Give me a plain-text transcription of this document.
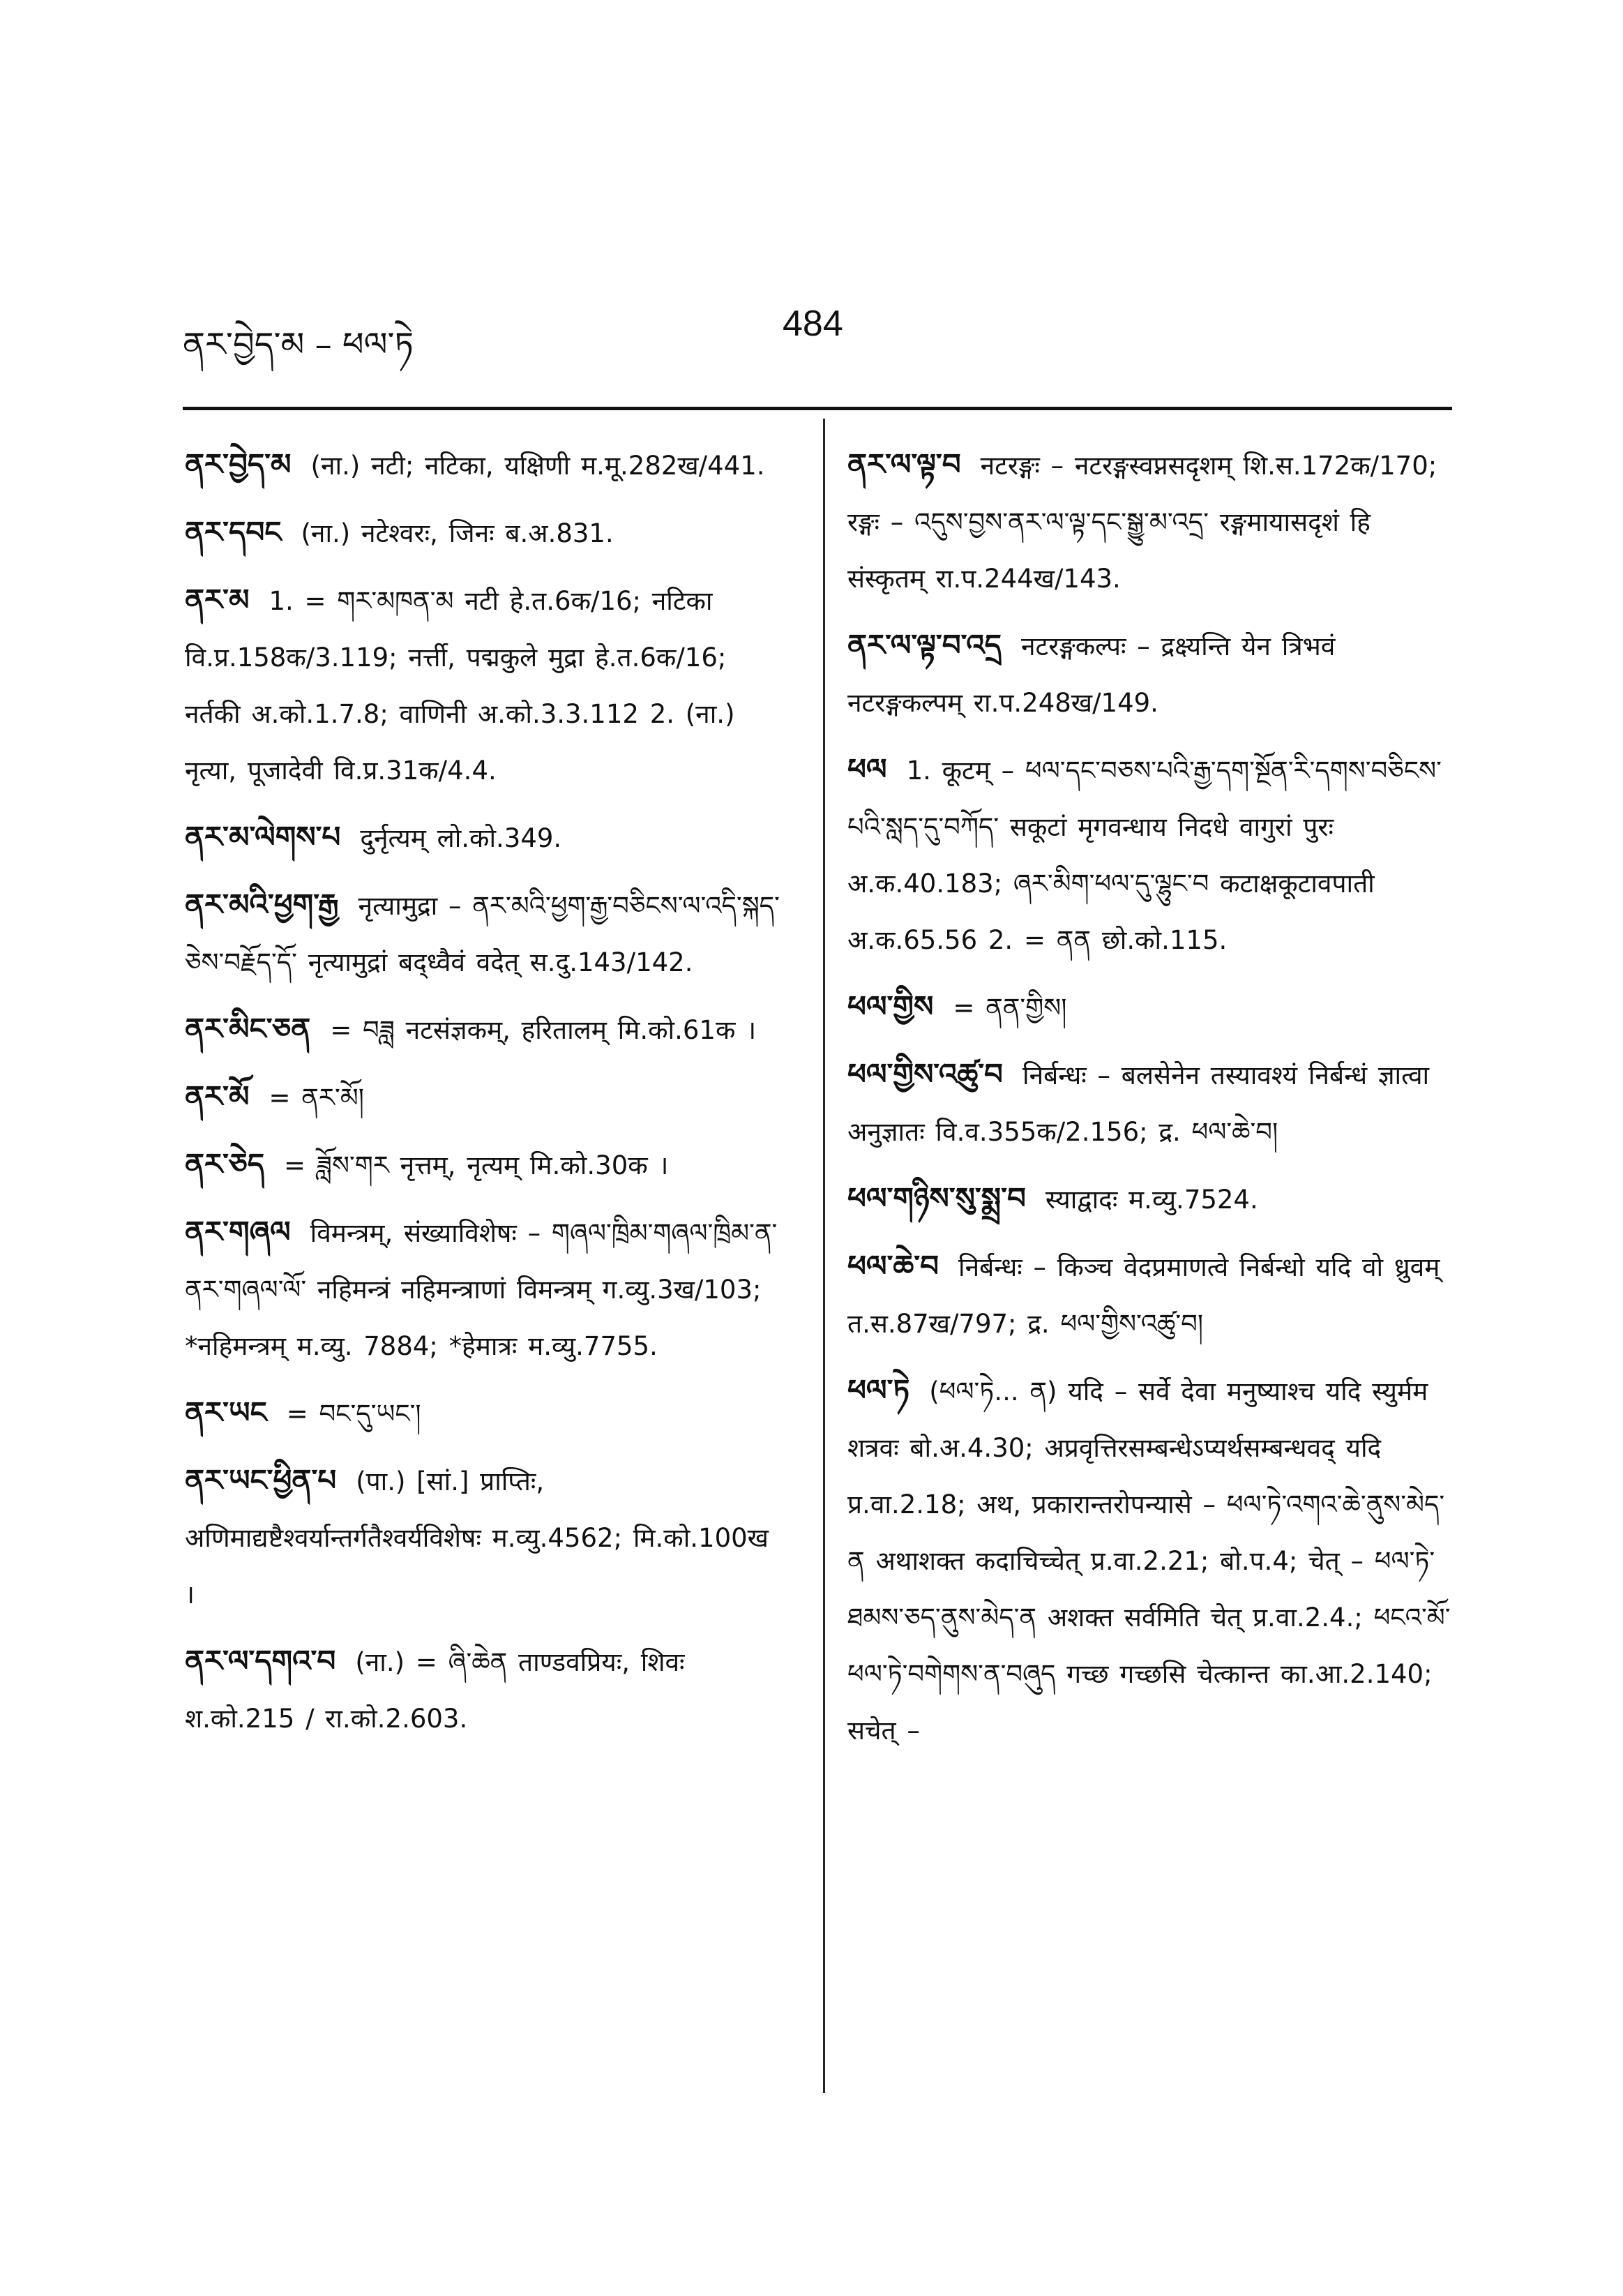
ནར་བྱེད་མ – ཕལ་ཏེ
484
ནར་བྱེད་མ (ना.) नटी; नटिका, यक्षिणी म.मू.282ख/441.
ནར་དབང (ना.) नटेश्वरः, जिनः ब.अ.831.
ནར་མ 1. = གར་མཁན་མ नटी हे.त.6क/16; नटिका वि.प्र.158क/3.119; नर्त्ती, पद्मकुले मुद्रा हे.त.6क/16; नर्तकी अ.को.1.7.8; वाणिनी अ.को.3.3.112 2. (ना.) नृत्या, पूजादेवी वि.प्र.31क/4.4.
ནར་མ་ལེགས་པ दुर्नृत्यम् लो.को.349.
ནར་མའི་ཕྱག་རྒྱ नृत्यामुद्रा – ནར་མའི་ཕྱག་རྒྱ་བཅིངས་ལ་འདི་སྐད་ཅེས་བརྗོད་དོ་ नृत्यामुद्रां बद्ध्वैवं वदेत् स.दु.143/142.
ནར་མིང་ཅན = བཟླ नटसंज्ञकम्, हरितालम् मि.को.61क ।
ནར་མོ = ནར་མོ།
ནར་ཅེད = ཟློས་གར नृत्तम्, नृत्यम् मि.को.30क ।
ནར་གཞལ विमन्त्रम्, संख्याविशेषः – གཞལ་ཁྲིམ་གཞལ་ཁྲིམ་ན་ནར་གཞལ་ལོ་ नहिमन्त्रं नहिमन्त्राणां विमन्त्रम् ग.व्यु.3ख/103; *नहिमन्त्रम् म.व्यु. 7884; *हेमात्रः म.व्यु.7755.
ནར་ཡང = བང་དུ་ཡང་།
ནར་ཡང་ཕྱིན་པ (पा.) [सां.] प्राप्तिः, अणिमाद्यष्टैश्वर्यान्तर्गतैश्वर्यविशेषः म.व्यु.4562; मि.को.100ख ।
ནར་ལ་དགའ་བ (ना.) = ཞི་ཆེན ताण्डवप्रियः, शिवः श.को.215 / रा.को.2.603.
ནར་ལ་ལྟ་བ नटरङ्गः – नटरङ्गस्वप्नसदृशम् शि.स.172क/170; रङ्गः – འདུས་བྱས་ནར་ལ་ལྟ་དང་སྒྱུ་མ་འདྲ་ रङ्गमायासदृशं हि संस्कृतम् रा.प.244ख/143.
ནར་ལ་ལྟ་བ་འདྲ नटरङ्गकल्पः – द्रक्ष्यन्ति येन त्रिभवं नटरङ्गकल्पम् रा.प.248ख/149.
ཕལ 1. कूटम् – ཕལ་དང་བཅས་པའི་རྒྱ་དག་སྔོན་རི་དགས་བཅིངས་པའི་སླད་དུ་བཀོད་ सकूटां मृगवन्धाय निदधे वागुरां पुरः अ.क.40.183; ཞར་མིག་ཕལ་དུ་ལྷུང་བ कटाक्षकूटावपाती अ.क.65.56 2. = ནན छो.को.115.
ཕལ་གྱིས = ནན་གྱིས།
ཕལ་གྱིས་འཚུ་བ निर्बन्धः – बलसेनेन तस्यावश्यं निर्बन्धं ज्ञात्वा अनुज्ञातः वि.व.355क/2.156; द्र. ཕལ་ཆེ་བ།
ཕལ་གཉིས་སུ་སྨྲ་བ स्याद्वादः म.व्यु.7524.
ཕལ་ཆེ་བ निर्बन्धः – किञ्च वेदप्रमाणत्वे निर्बन्धो यदि वो ध्रुवम् त.स.87ख/797; द्र. ཕལ་གྱིས་འཚུ་བ།
ཕལ་ཏེ (ཕལ་ཏེ... ན) यदि – सर्वे देवा मनुष्याश्च यदि स्युर्मम शत्रवः बो.अ.4.30; अप्रवृत्तिरसम्बन्धेऽप्यर्थसम्बन्धवद् यदि प्र.वा.2.18; अथ, प्रकारान्तरोपन्यासे – ཕལ་ཏེ་འགའ་ཆེ་ནུས་མེད་ན अथाशक्त कदाचिच्चेत् प्र.वा.2.21; बो.प.4; चेत् – ཕལ་ཏེ་ཐམས་ཅད་ནུས་མེད་ན अशक्त सर्वमिति चेत् प्र.वा.2.4.; ཕངའ་མོ་ཕལ་ཏེ་བགེགས་ན་བཞུད गच्छ गच्छसि चेत्कान्त का.आ.2.140; सचेत् –
